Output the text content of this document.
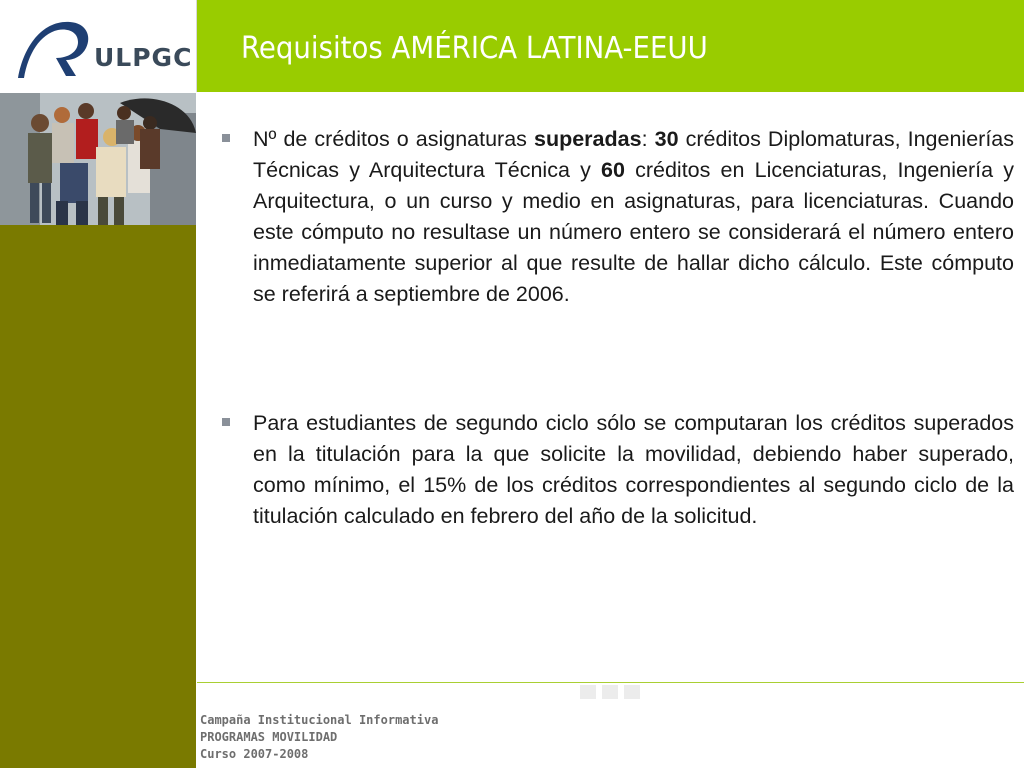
ULPGC Requisitos AMÉRICA LATINA-EEUU
Nº de créditos o asignaturas superadas: 30 créditos Diplomaturas, Ingenierías Técnicas y Arquitectura Técnica y 60 créditos en Licenciaturas, Ingeniería y Arquitectura, o un curso y medio en asignaturas, para licenciaturas. Cuando este cómputo no resultase un número entero se considerará el número entero inmediatamente superior al que resulte de hallar dicho cálculo. Este cómputo se referirá a septiembre de 2006.
Para estudiantes de segundo ciclo sólo se computaran los créditos superados en la titulación para la que solicite la movilidad, debiendo haber superado, como mínimo, el 15% de los créditos correspondientes al segundo ciclo de la titulación calculado en febrero del año de la solicitud.
Campaña Institucional Informativa
PROGRAMAS MOVILIDAD
Curso 2007-2008
